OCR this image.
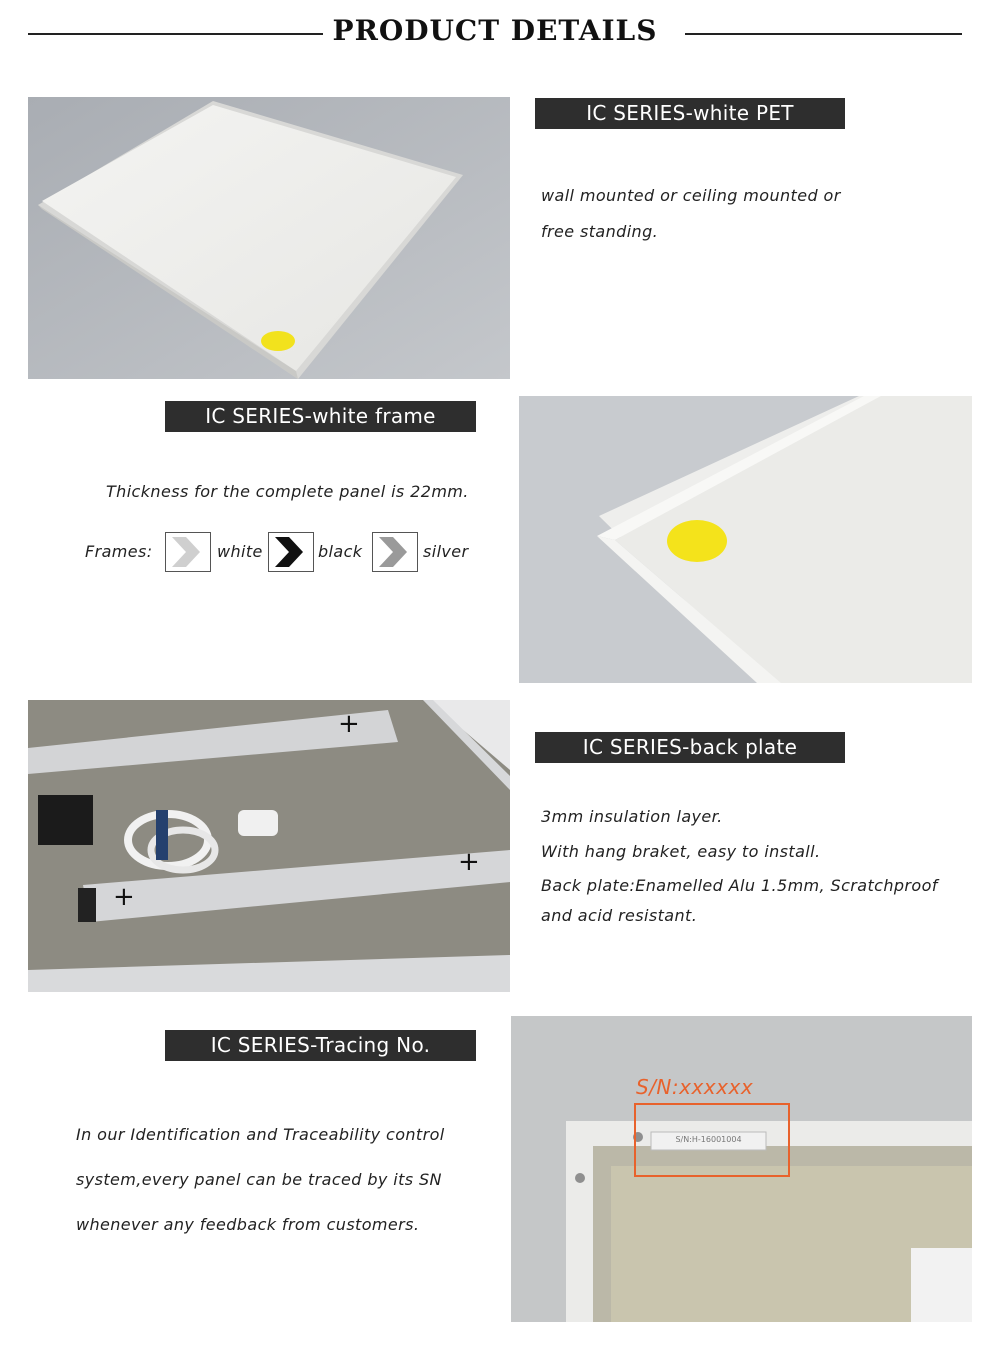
PRODUCT DETAILS
IC SERIES-white PET
wall mounted or ceiling mounted or
free standing.
IC SERIES-white frame
Thickness for the complete panel is 22mm.
Frames:	white	black	silver
+
+
+
IC SERIES-back plate
3mm insulation layer.
With hang braket, easy to install.
Back plate:Enamelled Alu 1.5mm, Scratchproof
and acid resistant.
IC SERIES-Tracing No.
In our Identification and Traceability control
system,every panel can be traced by its SN
whenever any feedback from customers.
S/N:H-16001004
S/N:xxxxxx
